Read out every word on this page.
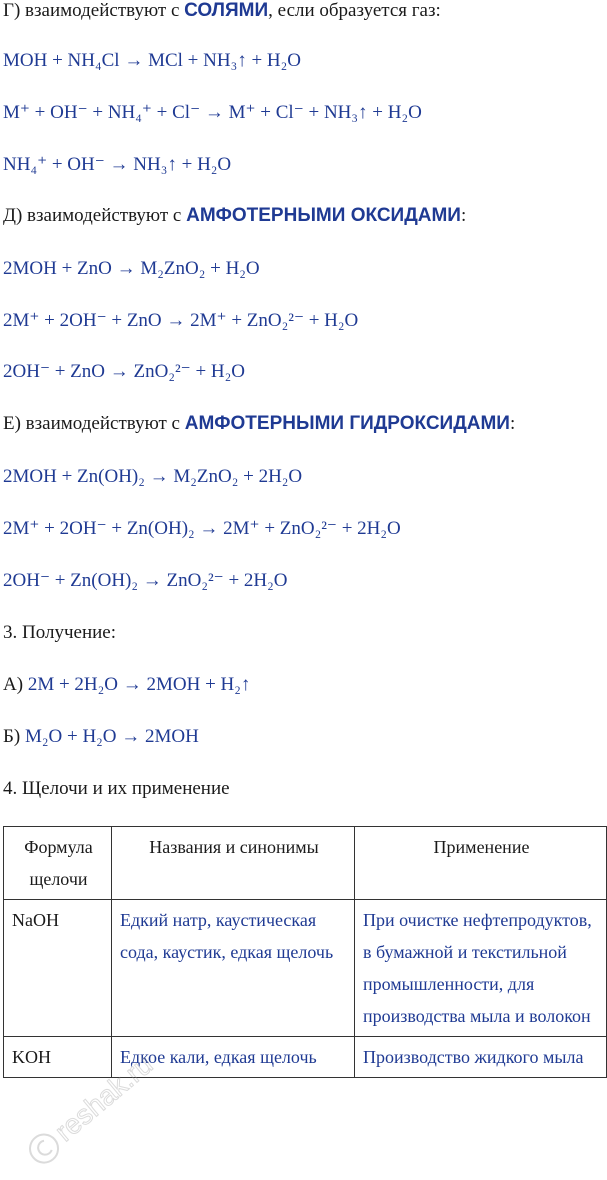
Г) взаимодействуют с СОЛЯМИ, если образуется газ:
MOH + NH₄Cl → MCl + NH₃↑ + H₂O
M⁺ + OH⁻ + NH₄⁺ + Cl⁻ → M⁺ + Cl⁻ + NH₃↑ + H₂O
NH₄⁺ + OH⁻ → NH₃↑ + H₂O
Д) взаимодействуют с АМФОТЕРНЫМИ ОКСИДАМИ:
2MOH + ZnO → M₂ZnO₂ + H₂O
2M⁺ + 2OH⁻ + ZnO → 2M⁺ + ZnO₂²⁻ + H₂O
2OH⁻ + ZnO → ZnO₂²⁻ + H₂O
Е) взаимодействуют с АМФОТЕРНЫМИ ГИДРОКСИДАМИ:
2MOH + Zn(OH)₂ → M₂ZnO₂ + 2H₂O
2M⁺ + 2OH⁻ + Zn(OH)₂ → 2M⁺ + ZnO₂²⁻ + 2H₂O
2OH⁻ + Zn(OH)₂ → ZnO₂²⁻ + 2H₂O
3. Получение:
А) 2M + 2H₂O → 2MOH + H₂↑
Б) M₂O + H₂O → 2MOH
4. Щелочи и их применение
Формула щелочи	Названия и синонимы	Применение
NaOH	Едкий натр, каустическая сода, каустик, едкая щелочь	При очистке нефтепродуктов, в бумажной и текстильной промышленности, для производства мыла и волокон
KOH	Едкое кали, едкая щелочь	Производство жидкого мыла
reshak.ru
